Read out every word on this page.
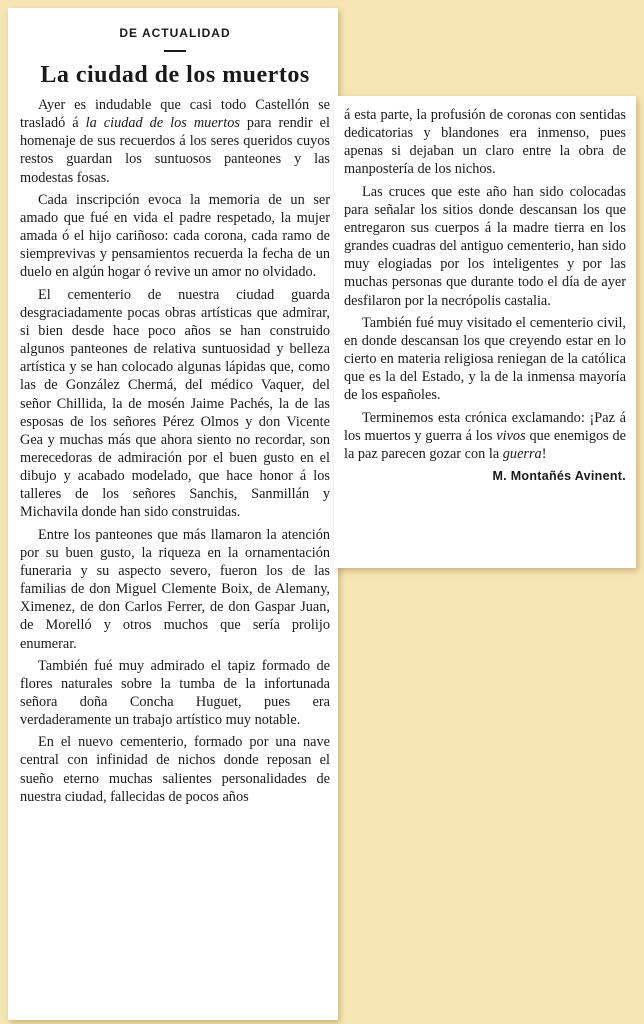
DE ACTUALIDAD
La ciudad de los muertos

Ayer es indudable que casi todo Castellón se trasladó á la ciudad de los muertos para rendir el homenaje de sus recuerdos á los seres queridos cuyos restos guardan los suntuosos panteones y las modestas fosas.

Cada inscripción evoca la memoria de un ser amado que fué en vida el padre respetado, la mujer amada ó el hijo cariñoso: cada corona, cada ramo de siemprevivas y pensamientos recuerda la fecha de un duelo en algún hogar ó revive un amor no olvidado.

El cementerio de nuestra ciudad guarda desgraciadamente pocas obras artísticas que admirar, si bien desde hace poco años se han construido algunos panteones de relativa suntuosidad y belleza artística y se han colocado algunas lápidas que, como las de González Chermá, del médico Vaquer, del señor Chillida, la de mosén Jaime Pachés, la de las esposas de los señores Pérez Olmos y don Vicente Gea y muchas más que ahora siento no recordar, son merecedoras de admiración por el buen gusto en el dibujo y acabado modelado, que hace honor á los talleres de los señores Sanchis, Sanmillán y Michavila donde han sido construidas.

Entre los panteones que más llamaron la atención por su buen gusto, la riqueza en la ornamentación funeraria y su aspecto severo, fueron los de las familias de don Miguel Clemente Boix, de Alemany, Ximenez, de don Carlos Ferrer, de don Gaspar Juan, de Morelló y otros muchos que sería prolijo enumerar.

También fué muy admirado el tapiz formado de flores naturales sobre la tumba de la infortunada señora doña Concha Huguet, pues era verdaderamente un trabajo artístico muy notable.

En el nuevo cementerio, formado por una nave central con infinidad de nichos donde reposan el sueño eterno muchas salientes personalidades de nuestra ciudad, fallecidas de pocos años

á esta parte, la profusión de coronas con sentidas dedicatorias y blandones era inmenso, pues apenas si dejaban un claro entre la obra de manpostería de los nichos.

Las cruces que este año han sido colocadas para señalar los sitios donde descansan los que entregaron sus cuerpos á la madre tierra en los grandes cuadras del antiguo cementerio, han sido muy elogiadas por los inteligentes y por las muchas personas que durante todo el día de ayer desfilaron por la necrópolis castalia.

También fué muy visitado el cementerio civil, en donde descansan los que creyendo estar en lo cierto en materia religiosa reniegan de la católica que es la del Estado, y la de la inmensa mayoría de los españoles.

Terminemos esta crónica exclamando: ¡Paz á los muertos y guerra á los vivos que enemigos de la paz parecen gozar con la guerra!

M. Montañés Avinent.
